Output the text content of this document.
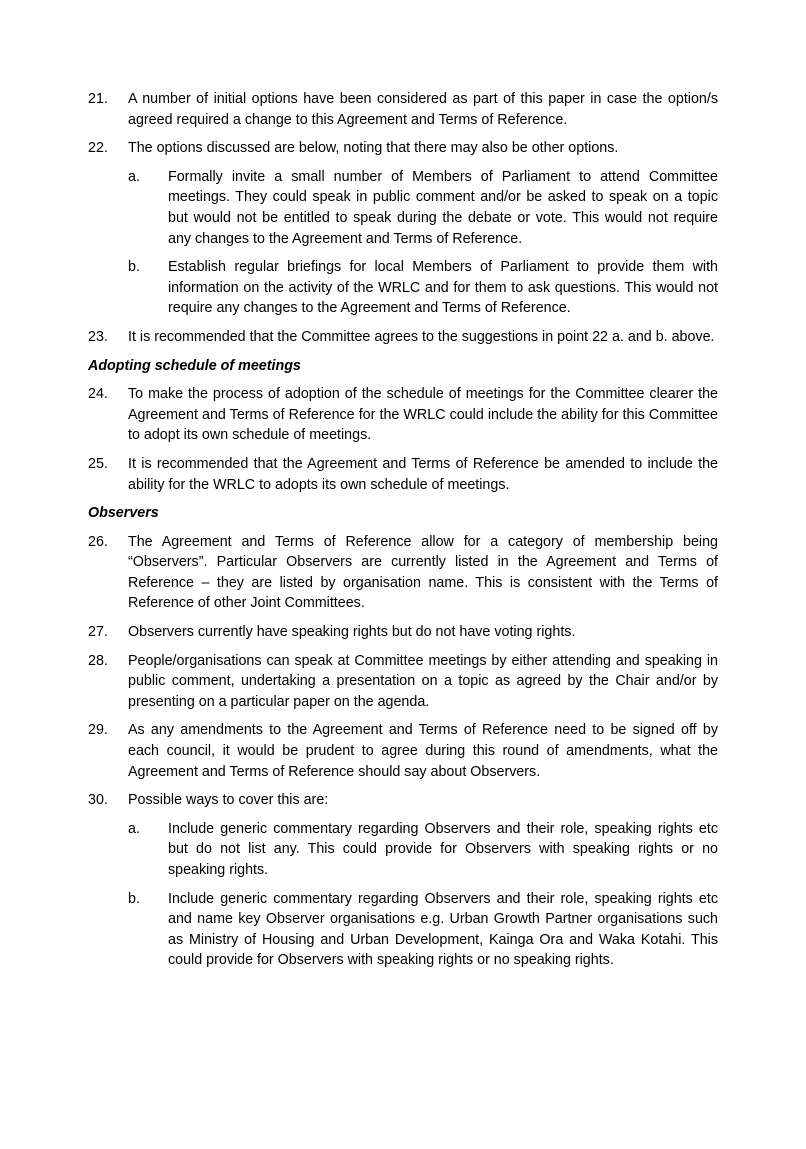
21.	A number of initial options have been considered as part of this paper in case the option/s agreed required a change to this Agreement and Terms of Reference.
22.	The options discussed are below, noting that there may also be other options.
a.	Formally invite a small number of Members of Parliament to attend Committee meetings. They could speak in public comment and/or be asked to speak on a topic but would not be entitled to speak during the debate or vote. This would not require any changes to the Agreement and Terms of Reference.
b.	Establish regular briefings for local Members of Parliament to provide them with information on the activity of the WRLC and for them to ask questions. This would not require any changes to the Agreement and Terms of Reference.
23.	It is recommended that the Committee agrees to the suggestions in point 22 a. and b. above.
Adopting schedule of meetings
24.	To make the process of adoption of the schedule of meetings for the Committee clearer the Agreement and Terms of Reference for the WRLC could include the ability for this Committee to adopt its own schedule of meetings.
25.	It is recommended that the Agreement and Terms of Reference be amended to include the ability for the WRLC to adopts its own schedule of meetings.
Observers
26.	The Agreement and Terms of Reference allow for a category of membership being “Observers”. Particular Observers are currently listed in the Agreement and Terms of Reference – they are listed by organisation name. This is consistent with the Terms of Reference of other Joint Committees.
27.	Observers currently have speaking rights but do not have voting rights.
28.	People/organisations can speak at Committee meetings by either attending and speaking in public comment, undertaking a presentation on a topic as agreed by the Chair and/or by presenting on a particular paper on the agenda.
29.	As any amendments to the Agreement and Terms of Reference need to be signed off by each council, it would be prudent to agree during this round of amendments, what the Agreement and Terms of Reference should say about Observers.
30.	Possible ways to cover this are:
a.	Include generic commentary regarding Observers and their role, speaking rights etc but do not list any. This could provide for Observers with speaking rights or no speaking rights.
b.	Include generic commentary regarding Observers and their role, speaking rights etc and name key Observer organisations e.g. Urban Growth Partner organisations such as Ministry of Housing and Urban Development, Kainga Ora and Waka Kotahi. This could provide for Observers with speaking rights or no speaking rights.
